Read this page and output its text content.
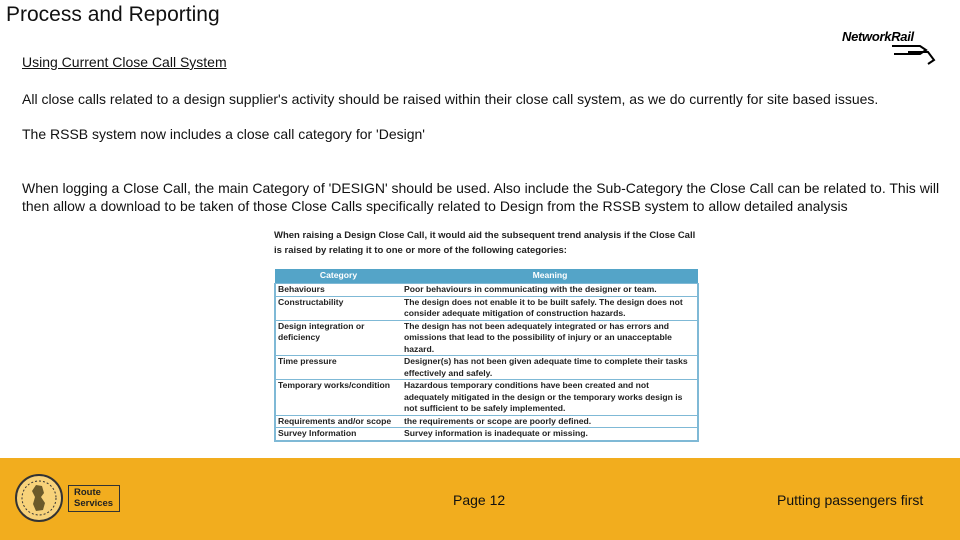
Process and Reporting
NetworkRail
Using Current Close Call System
All close calls related to a design supplier's activity should be raised within their close call system, as we do currently for site based issues.
The RSSB system now includes a close call category for 'Design'
When logging a Close Call, the main Category of 'DESIGN' should be used. Also include the Sub-Category the Close Call can be related to. This will then allow a download to be taken of those Close Calls specifically related to Design from the RSSB system to allow detailed analysis
When raising a Design Close Call, it would aid the subsequent trend analysis if the Close Call is raised by relating it to one or more of the following categories:
Category	Meaning
Behaviours	Poor behaviours in communicating with the designer or team.
Constructability	The design does not enable it to be built safely. The design does not consider adequate mitigation of construction hazards.
Design integration or deficiency	The design has not been adequately integrated or has errors and omissions that lead to the possibility of injury or an unacceptable hazard.
Time pressure	Designer(s) has not been given adequate time to complete their tasks effectively and safely.
Temporary works/condition	Hazardous temporary conditions have been created and not adequately mitigated in the design or the temporary works design is not sufficient to be safely implemented.
Requirements and/or scope	the requirements or scope are poorly defined.
Survey Information	Survey information is inadequate or missing.
Route
Services	Page 12	Putting passengers first
